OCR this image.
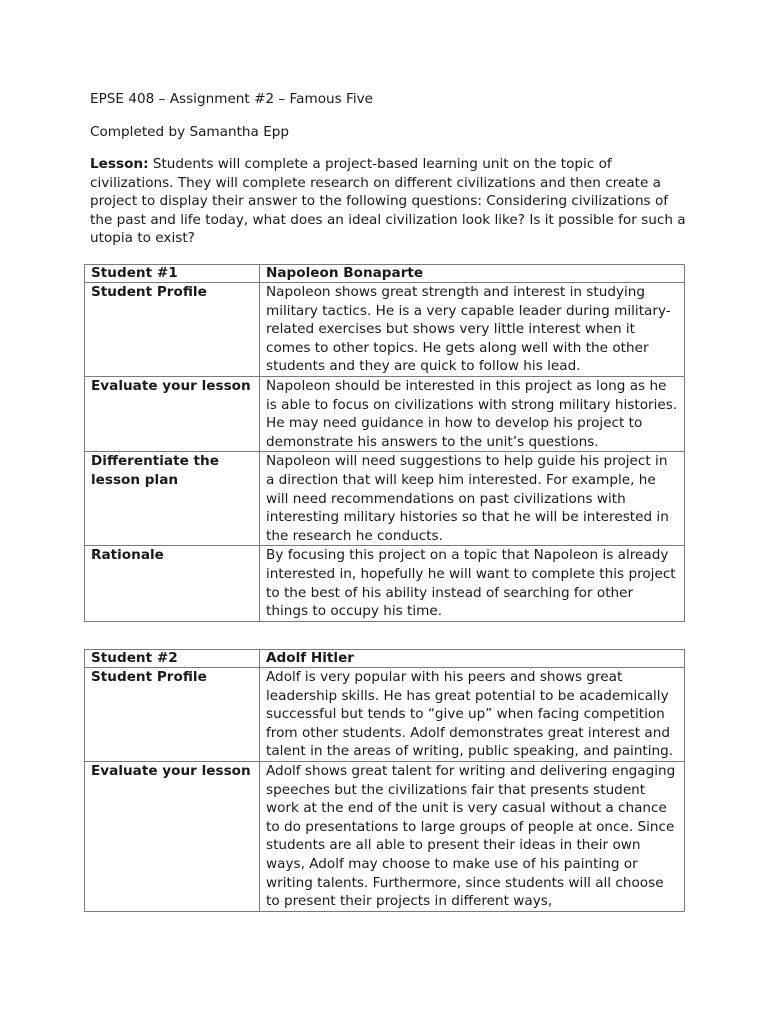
EPSE 408 – Assignment #2 – Famous Five

Completed by Samantha Epp

Lesson: Students will complete a project-based learning unit on the topic of civilizations. They will complete research on different civilizations and then create a project to display their answer to the following questions: Considering civilizations of the past and life today, what does an ideal civilization look like? Is it possible for such a utopia to exist?

Student #1	Napoleon Bonaparte
Student Profile	Napoleon shows great strength and interest in studying military tactics. He is a very capable leader during military-related exercises but shows very little interest when it comes to other topics. He gets along well with the other students and they are quick to follow his lead.
Evaluate your lesson	Napoleon should be interested in this project as long as he is able to focus on civilizations with strong military histories. He may need guidance in how to develop his project to demonstrate his answers to the unit’s questions.
Differentiate the lesson plan	Napoleon will need suggestions to help guide his project in a direction that will keep him interested. For example, he will need recommendations on past civilizations with interesting military histories so that he will be interested in the research he conducts.
Rationale	By focusing this project on a topic that Napoleon is already interested in, hopefully he will want to complete this project to the best of his ability instead of searching for other things to occupy his time.
Student #2	Adolf Hitler
Student Profile	Adolf is very popular with his peers and shows great leadership skills. He has great potential to be academically successful but tends to “give up” when facing competition from other students. Adolf demonstrates great interest and talent in the areas of writing, public speaking, and painting.
Evaluate your lesson	Adolf shows great talent for writing and delivering engaging speeches but the civilizations fair that presents student work at the end of the unit is very casual without a chance to do presentations to large groups of people at once. Since students are all able to present their ideas in their own ways, Adolf may choose to make use of his painting or writing talents. Furthermore, since students will all choose to present their projects in different ways,
